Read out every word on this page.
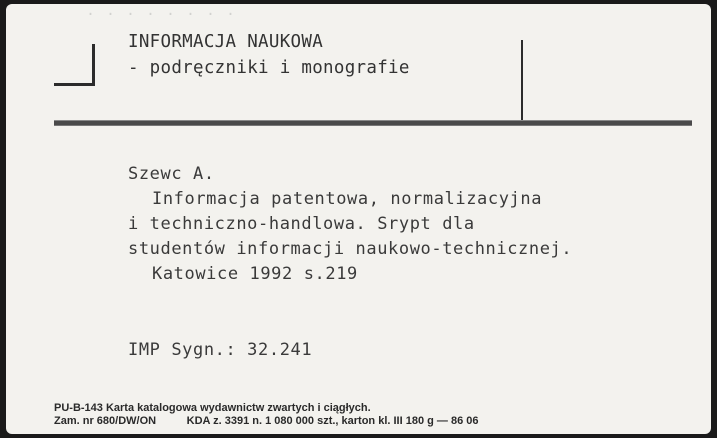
· · · · · · · ·
INFORMACJA NAUKOWA
- podręczniki i monografie
Szewc A.
Informacja patentowa, normalizacyjna
i techniczno-handlowa. Srypt dla
studentów informacji naukowo-technicznej.
Katowice 1992 s.219
IMP Sygn.: 32.241
PU-B-143 Karta katalogowa wydawnictw zwartych i ciągłych.
Zam. nr 680/DW/ON          KDA z. 3391 n. 1 080 000 szt., karton kl. III 180 g — 86 06
